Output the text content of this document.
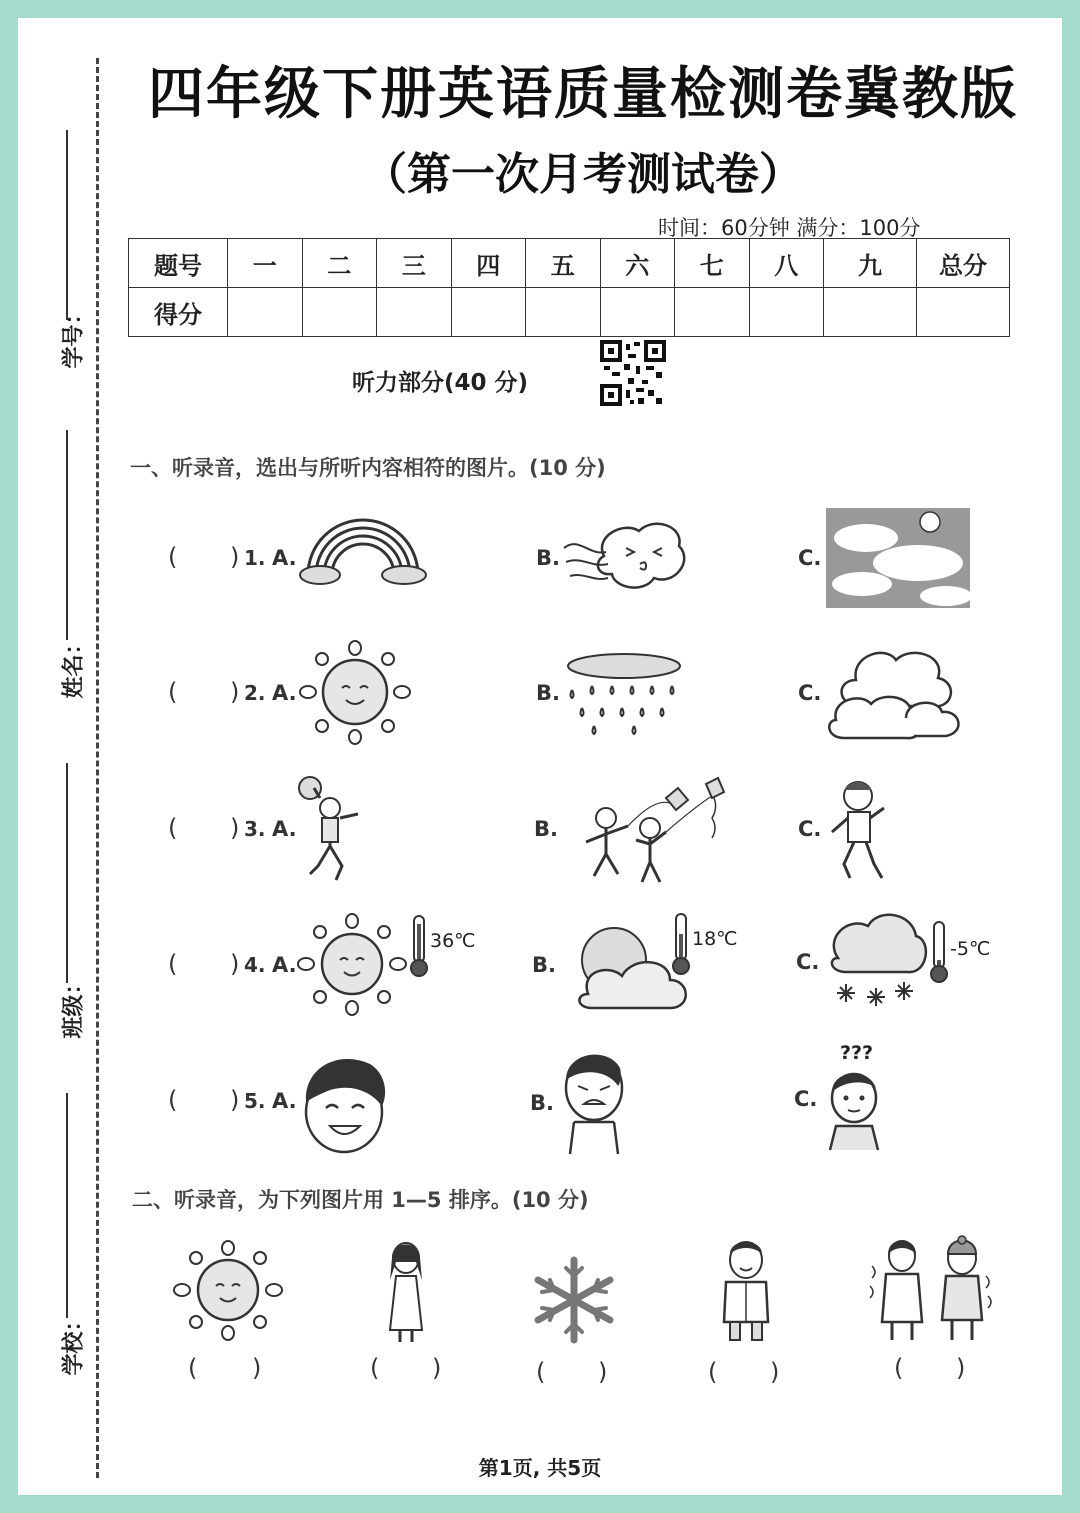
学号：
姓名：
班级：
学校：
四年级下册英语质量检测卷冀教版
（第一次月考测试卷）
时间：60分钟 满分：100分
题号	一	二	三	四	五	六	七	八	九	总分
得分										
听力部分(40 分)
一、听录音，选出与所听内容相符的图片。(10 分)
( ) 1. A.	B.	C.
( ) 2. A.	B.	C.
( ) 3. A.	B.	C.
( ) 4. A.
36℃
B.
18℃
C.
-5℃
( ) 5. A.	B.
???
C.
二、听录音，为下列图片用 1—5 排序。(10 分)
( )	( )	( )	( )	( )
第1页, 共5页
